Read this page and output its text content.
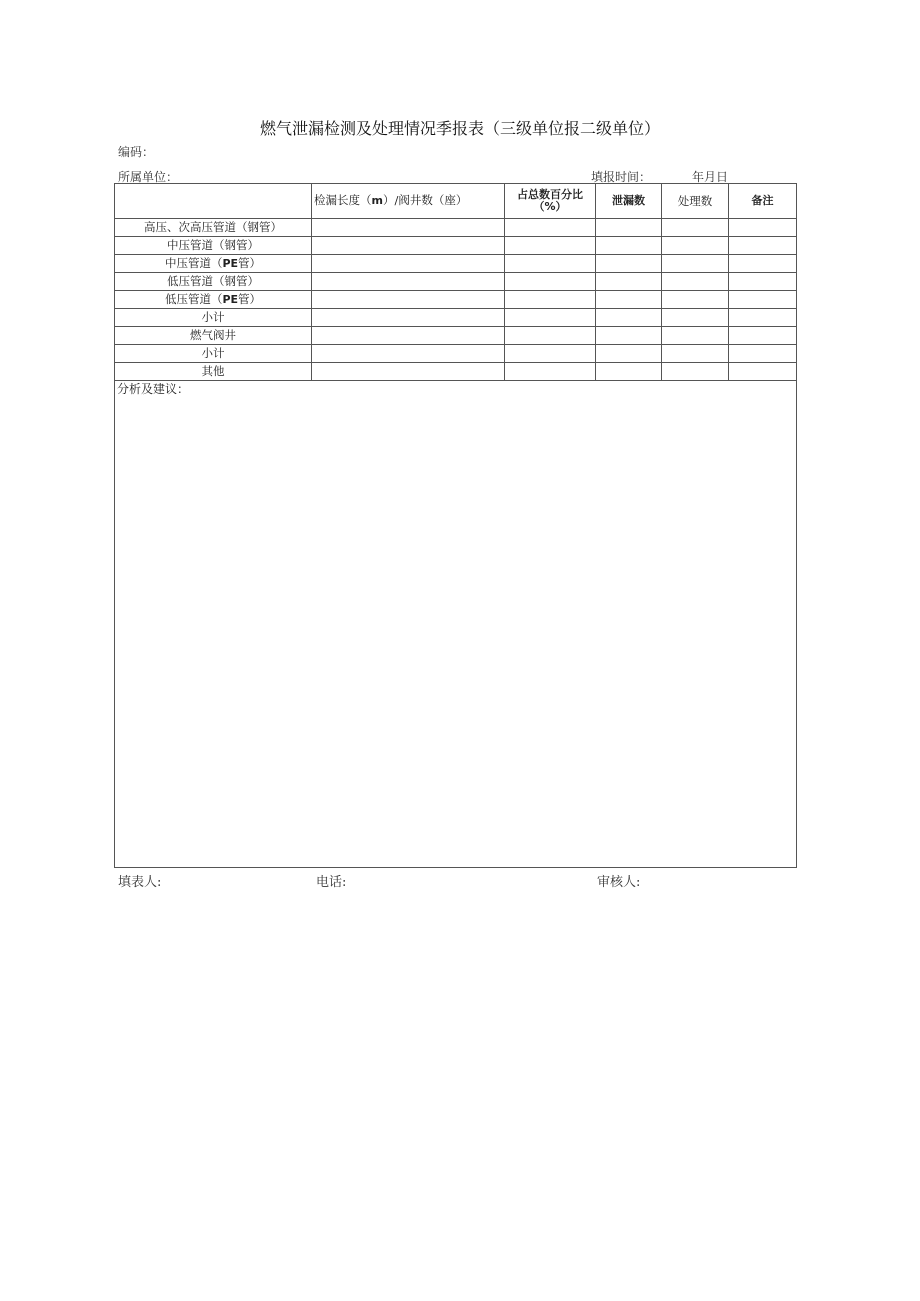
燃气泄漏检测及处理情况季报表（三级单位报二级单位）
编码：
所属单位：	填报时间：	年月日
	检漏长度（m）/阀井数（座）	占总数百分比（%）	泄漏数	处理数	备注
高压、次高压管道（钢管）					
中压管道（钢管）					
中压管道（PE管）					
低压管道（钢管）					
低压管道（PE管）					
小计					
燃气阀井					
小计					
其他					

分析及建议：					
填表人:	电话:	审核人:
